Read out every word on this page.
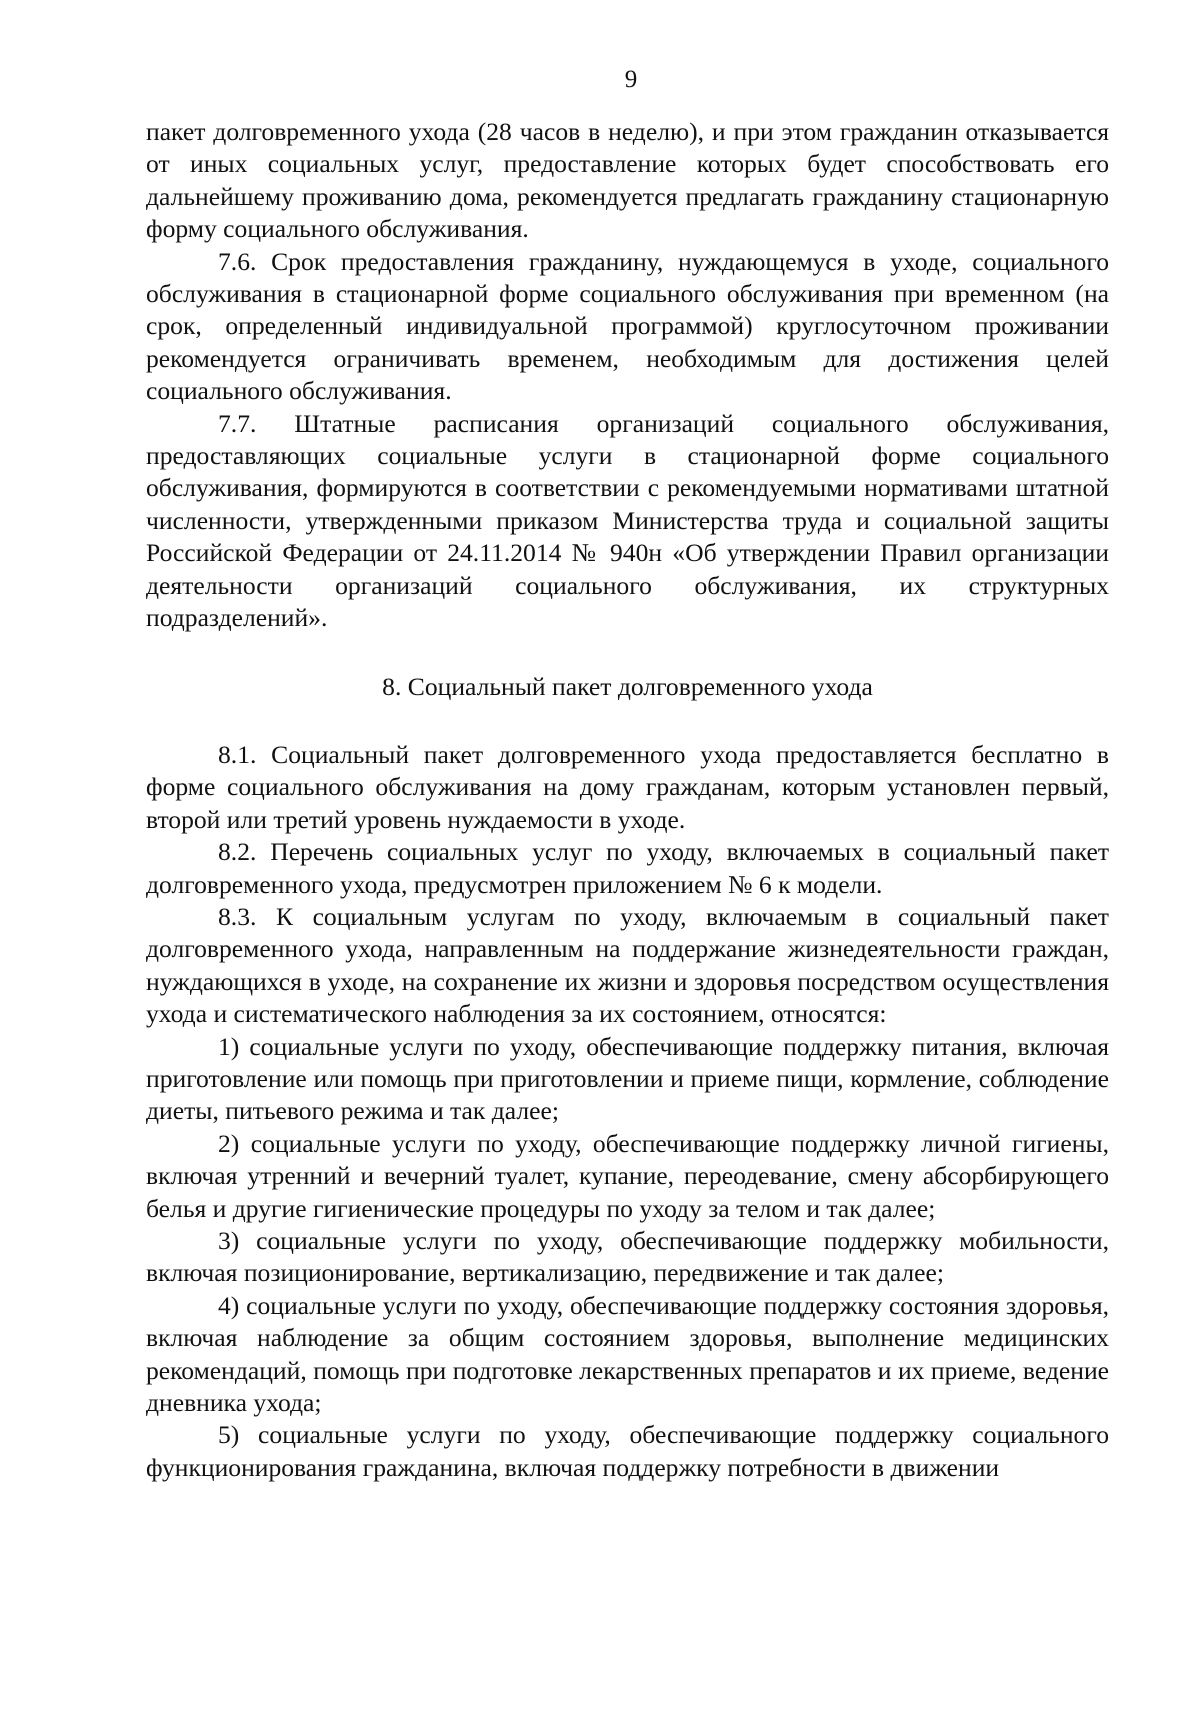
9

пакет долговременного ухода (28 часов в неделю), и при этом гражданин отказывается от иных социальных услуг, предоставление которых будет способствовать его дальнейшему проживанию дома, рекомендуется предлагать гражданину стационарную форму социального обслуживания.

7.6. Срок предоставления гражданину, нуждающемуся в уходе, социального обслуживания в стационарной форме социального обслуживания при временном (на срок, определенный индивидуальной программой) круглосуточном проживании рекомендуется ограничивать временем, необходимым для достижения целей социального обслуживания.

7.7. Штатные расписания организаций социального обслуживания, предоставляющих социальные услуги в стационарной форме социального обслуживания, формируются в соответствии с рекомендуемыми нормативами штатной численности, утвержденными приказом Министерства труда и социальной защиты Российской Федерации от 24.11.2014 № 940н «Об утверждении Правил организации деятельности организаций социального обслуживания, их структурных подразделений».

8. Социальный пакет долговременного ухода

8.1. Социальный пакет долговременного ухода предоставляется бесплатно в форме социального обслуживания на дому гражданам, которым установлен первый, второй или третий уровень нуждаемости в уходе.

8.2. Перечень социальных услуг по уходу, включаемых в социальный пакет долговременного ухода, предусмотрен приложением № 6 к модели.

8.3. К социальным услугам по уходу, включаемым в социальный пакет долговременного ухода, направленным на поддержание жизнедеятельности граждан, нуждающихся в уходе, на сохранение их жизни и здоровья посредством осуществления ухода и систематического наблюдения за их состоянием, относятся:

1) социальные услуги по уходу, обеспечивающие поддержку питания, включая приготовление или помощь при приготовлении и приеме пищи, кормление, соблюдение диеты, питьевого режима и так далее;

2) социальные услуги по уходу, обеспечивающие поддержку личной гигиены, включая утренний и вечерний туалет, купание, переодевание, смену абсорбирующего белья и другие гигиенические процедуры по уходу за телом и так далее;

3) социальные услуги по уходу, обеспечивающие поддержку мобильности, включая позиционирование, вертикализацию, передвижение и так далее;

4) социальные услуги по уходу, обеспечивающие поддержку состояния здоровья, включая наблюдение за общим состоянием здоровья, выполнение медицинских рекомендаций, помощь при подготовке лекарственных препаратов и их приеме, ведение дневника ухода;

5) социальные услуги по уходу, обеспечивающие поддержку социального функционирования гражданина, включая поддержку потребности в движении
